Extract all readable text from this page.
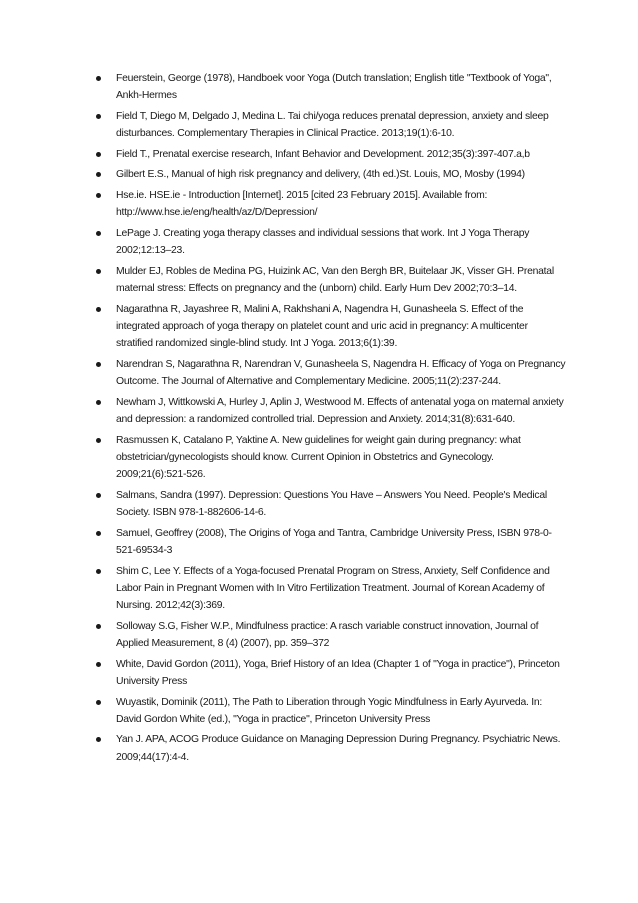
Feuerstein, George (1978), Handboek voor Yoga (Dutch translation; English title "Textbook of Yoga", Ankh-Hermes
Field T, Diego M, Delgado J, Medina L. Tai chi/yoga reduces prenatal depression, anxiety and sleep disturbances. Complementary Therapies in Clinical Practice. 2013;19(1):6-10.
Field T., Prenatal exercise research, Infant Behavior and Development. 2012;35(3):397-407.a,b
Gilbert E.S., Manual of high risk pregnancy and delivery, (4th ed.)St. Louis, MO, Mosby (1994)
Hse.ie. HSE.ie - Introduction [Internet]. 2015 [cited 23 February 2015]. Available from: http://www.hse.ie/eng/health/az/D/Depression/
LePage J. Creating yoga therapy classes and individual sessions that work. Int J Yoga Therapy 2002;12:13–23.
Mulder EJ, Robles de Medina PG, Huizink AC, Van den Bergh BR, Buitelaar JK, Visser GH. Prenatal maternal stress: Effects on pregnancy and the (unborn) child. Early Hum Dev 2002;70:3–14.
Nagarathna R, Jayashree R, Malini A, Rakhshani A, Nagendra H, Gunasheela S. Effect of the integrated approach of yoga therapy on platelet count and uric acid in pregnancy: A multicenter stratified randomized single-blind study. Int J Yoga. 2013;6(1):39.
Narendran S, Nagarathna R, Narendran V, Gunasheela S, Nagendra H. Efficacy of Yoga on Pregnancy Outcome. The Journal of Alternative and Complementary Medicine. 2005;11(2):237-244.
Newham J, Wittkowski A, Hurley J, Aplin J, Westwood M. Effects of antenatal yoga on maternal anxiety and depression: a randomized controlled trial. Depression and Anxiety. 2014;31(8):631-640.
Rasmussen K, Catalano P, Yaktine A. New guidelines for weight gain during pregnancy: what obstetrician/gynecologists should know. Current Opinion in Obstetrics and Gynecology. 2009;21(6):521-526.
Salmans, Sandra (1997). Depression: Questions You Have – Answers You Need. People's Medical Society. ISBN 978-1-882606-14-6.
Samuel, Geoffrey (2008), The Origins of Yoga and Tantra, Cambridge University Press, ISBN 978-0-521-69534-3
Shim C, Lee Y. Effects of a Yoga-focused Prenatal Program on Stress, Anxiety, Self Confidence and Labor Pain in Pregnant Women with In Vitro Fertilization Treatment. Journal of Korean Academy of Nursing. 2012;42(3):369.
Solloway S.G, Fisher W.P., Mindfulness practice: A rasch variable construct innovation, Journal of Applied Measurement, 8 (4) (2007), pp. 359–372
White, David Gordon (2011), Yoga, Brief History of an Idea (Chapter 1 of "Yoga in practice"), Princeton University Press
Wuyastik, Dominik (2011), The Path to Liberation through Yogic Mindfulness in Early Ayurveda. In: David Gordon White (ed.), "Yoga in practice", Princeton University Press
Yan J. APA, ACOG Produce Guidance on Managing Depression During Pregnancy. Psychiatric News. 2009;44(17):4-4.
